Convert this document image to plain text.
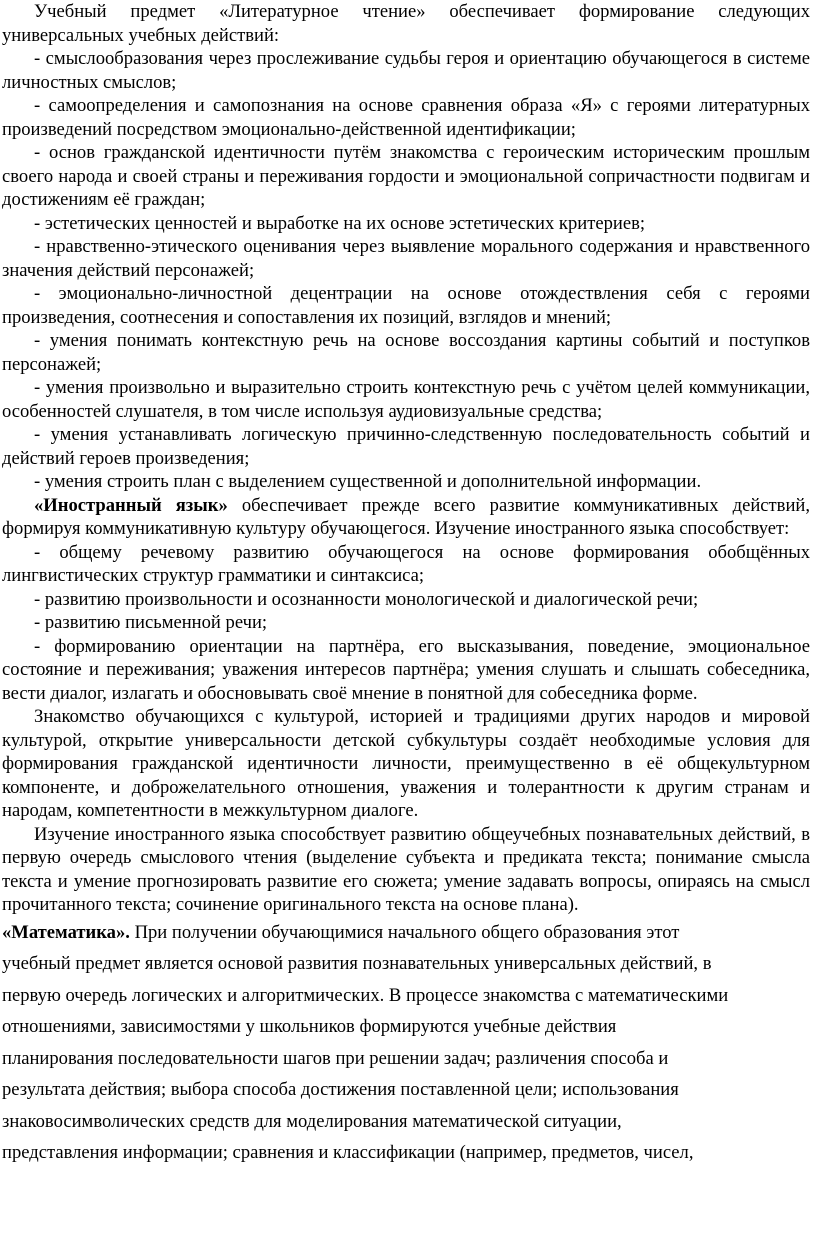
Учебный предмет «Литературное чтение» обеспечивает формирование следующих универсальных учебных действий:

- смыслообразования через прослеживание судьбы героя и ориентацию обучающегося в системе личностных смыслов;

- самоопределения и самопознания на основе сравнения образа «Я» с героями литературных произведений посредством эмоционально-действенной идентификации;

- основ гражданской идентичности путём знакомства с героическим историческим прошлым своего народа и своей страны и переживания гордости и эмоциональной сопричастности подвигам и достижениям её граждан;

- эстетических ценностей и выработке на их основе эстетических критериев;

- нравственно-этического оценивания через выявление морального содержания и нравственного значения действий персонажей;

- эмоционально-личностной децентрации на основе отождествления себя с героями произведения, соотнесения и сопоставления их позиций, взглядов и мнений;

- умения понимать контекстную речь на основе воссоздания картины событий и поступков персонажей;

- умения произвольно и выразительно строить контекстную речь с учётом целей коммуникации, особенностей слушателя, в том числе используя аудиовизуальные средства;

- умения устанавливать логическую причинно-следственную последовательность событий и действий героев произведения;

- умения строить план с выделением существенной и дополнительной информации.

«Иностранный язык» обеспечивает прежде всего развитие коммуникативных действий, формируя коммуникативную культуру обучающегося. Изучение иностранного языка способствует:

- общему речевому развитию обучающегося на основе формирования обобщённых лингвистических структур грамматики и синтаксиса;

- развитию произвольности и осознанности монологической и диалогической речи;

- развитию письменной речи;

- формированию ориентации на партнёра, его высказывания, поведение, эмоциональное состояние и переживания; уважения интересов партнёра; умения слушать и слышать собеседника, вести диалог, излагать и обосновывать своё мнение в понятной для собеседника форме.

Знакомство обучающихся с культурой, историей и традициями других народов и мировой культурой, открытие универсальности детской субкультуры создаёт необходимые условия для формирования гражданской идентичности личности, преимущественно в её общекультурном компоненте, и доброжелательного отношения, уважения и толерантности к другим странам и народам, компетентности в межкультурном диалоге.

Изучение иностранного языка способствует развитию общеучебных познавательных действий, в первую очередь смыслового чтения (выделение субъекта и предиката текста; понимание смысла текста и умение прогнозировать развитие его сюжета; умение задавать вопросы, опираясь на смысл прочитанного текста; сочинение оригинального текста на основе плана).

«Математика». При получении обучающимися начального общего образования этот
учебный предмет является основой развития познавательных универсальных действий, в
первую очередь логических и алгоритмических. В процессе знакомства с математическими
отношениями, зависимостями у школьников формируются учебные действия
планирования последовательности шагов при решении задач; различения способа и
результата действия; выбора способа достижения поставленной цели; использования
знаковосимволических средств для моделирования математической ситуации,
представления информации; сравнения и классификации (например, предметов, чисел,
